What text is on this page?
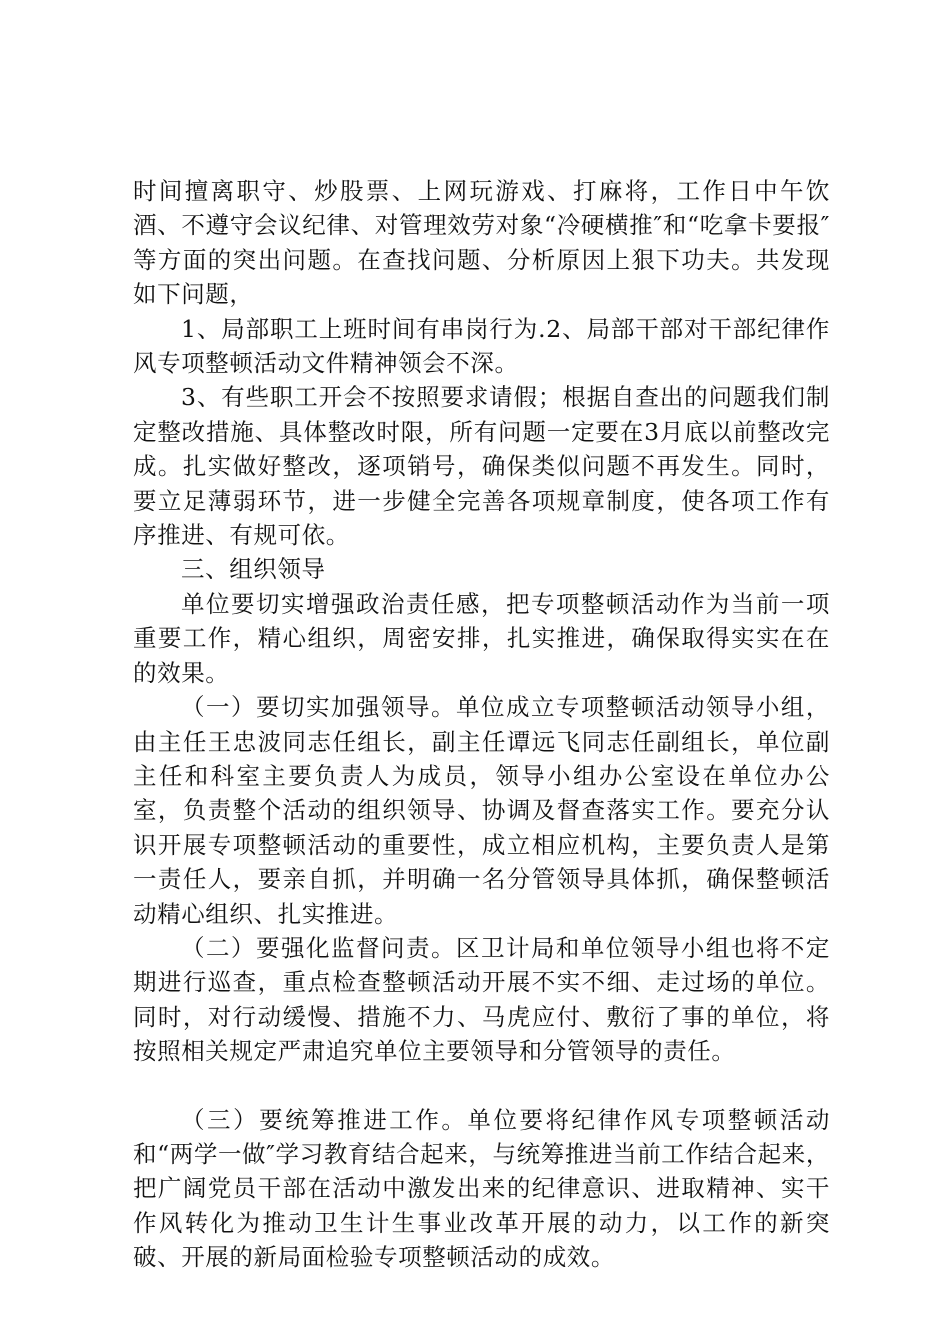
时间擅离职守、炒股票、上网玩游戏、打麻将，工作日中午饮酒、不遵守会议纪律、对管理效劳对象“冷硬横推″和“吃拿卡要报″等方面的突出问题。在查找问题、分析原因上狠下功夫。共发现如下问题，

1、局部职工上班时间有串岗行为.2、局部干部对干部纪律作风专项整顿活动文件精神领会不深。

3、有些职工开会不按照要求请假；根据自查出的问题我们制定整改措施、具体整改时限，所有问题一定要在3月底以前整改完成。扎实做好整改，逐项销号，确保类似问题不再发生。同时，要立足薄弱环节，进一步健全完善各项规章制度，使各项工作有序推进、有规可依。

三、组织领导

单位要切实增强政治责任感，把专项整顿活动作为当前一项重要工作，精心组织，周密安排，扎实推进，确保取得实实在在的效果。

（一）要切实加强领导。单位成立专项整顿活动领导小组，由主任王忠波同志任组长，副主任谭远飞同志任副组长，单位副主任和科室主要负责人为成员，领导小组办公室设在单位办公室，负责整个活动的组织领导、协调及督查落实工作。要充分认识开展专项整顿活动的重要性，成立相应机构，主要负责人是第一责任人，要亲自抓，并明确一名分管领导具体抓，确保整顿活动精心组织、扎实推进。

（二）要强化监督问责。区卫计局和单位领导小组也将不定期进行巡查，重点检查整顿活动开展不实不细、走过场的单位。同时，对行动缓慢、措施不力、马虎应付、敷衍了事的单位，将按照相关规定严肃追究单位主要领导和分管领导的责任。

（三）要统筹推进工作。单位要将纪律作风专项整顿活动和“两学一做″学习教育结合起来，与统筹推进当前工作结合起来，把广阔党员干部在活动中激发出来的纪律意识、进取精神、实干作风转化为推动卫生计生事业改革开展的动力，以工作的新突破、开展的新局面检验专项整顿活动的成效。
